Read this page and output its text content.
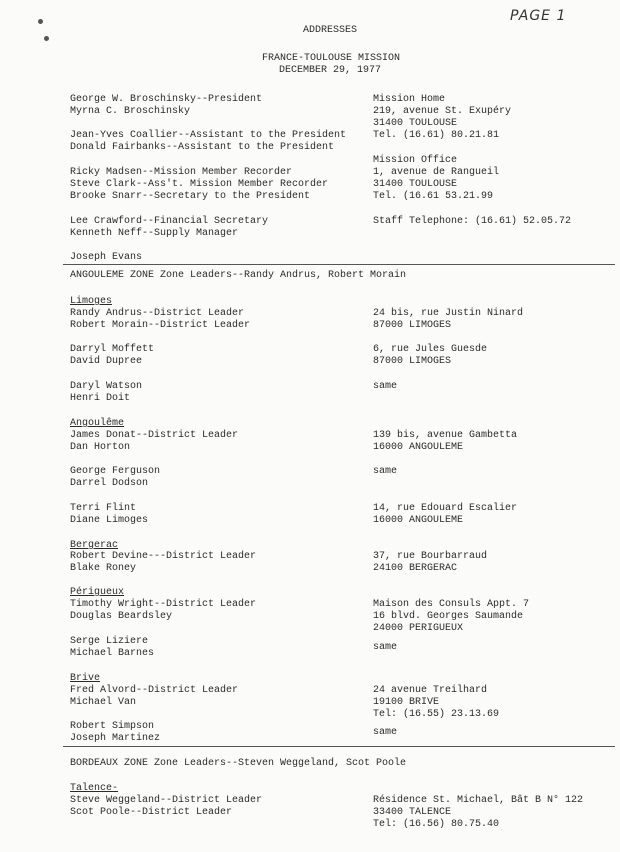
PAGE 1
ADDRESSES
FRANCE-TOULOUSE MISSION
DECEMBER 29, 1977
George W. Broschinsky--President
Myrna C. Broschinsky
Jean-Yves Coallier--Assistant to the President
Donald Fairbanks--Assistant to the President
Ricky Madsen--Mission Member Recorder
Steve Clark--Ass't. Mission Member Recorder
Brooke Snarr--Secretary to the President
Lee Crawford--Financial Secretary
Kenneth Neff--Supply Manager
Mission Home
219, avenue St. Exupéry
31400 TOULOUSE
Tel. (16.61) 80.21.81
Mission Office
1, avenue de Rangueil
31400 TOULOUSE
Tel. (16.61 53.21.99
Staff Telephone: (16.61) 52.05.72
Joseph Evans
ANGOULEME ZONE Zone Leaders--Randy Andrus, Robert Morain
Limoges
Randy Andrus--District Leader
Robert Morain--District Leader
24 bis, rue Justin Ninard
87000 LIMOGES
Darryl Moffett
David Dupree
6, rue Jules Guesde
87000 LIMOGES
Daryl Watson
Henri Doit
same
Angoulême
James Donat--District Leader
Dan Horton
139 bis, avenue Gambetta
16000 ANGOULEME
George Ferguson
Darrel Dodson
same
Terri Flint
Diane Limoges
14, rue Edouard Escalier
16000 ANGOULEME
Bergerac
Robert Devine---District Leader
Blake Roney
37, rue Bourbarraud
24100 BERGERAC
Périgueux
Timothy Wright--District Leader
Douglas Beardsley
Maison des Consuls Appt. 7
16 blvd. Georges Saumande
24000 PERIGUEUX
Serge Liziere
Michael Barnes
same
Brive
Fred Alvord--District Leader
Michael Van
24 avenue Treilhard
19100 BRIVE
Tel: (16.55) 23.13.69
Robert Simpson
Joseph Martinez
same
BORDEAUX ZONE Zone Leaders--Steven Weggeland, Scot Poole
Talence-
Steve Weggeland--District Leader
Scot Poole--District Leader
Résidence St. Michael, Bât B N° 122
33400 TALENCE
Tel: (16.56) 80.75.40
